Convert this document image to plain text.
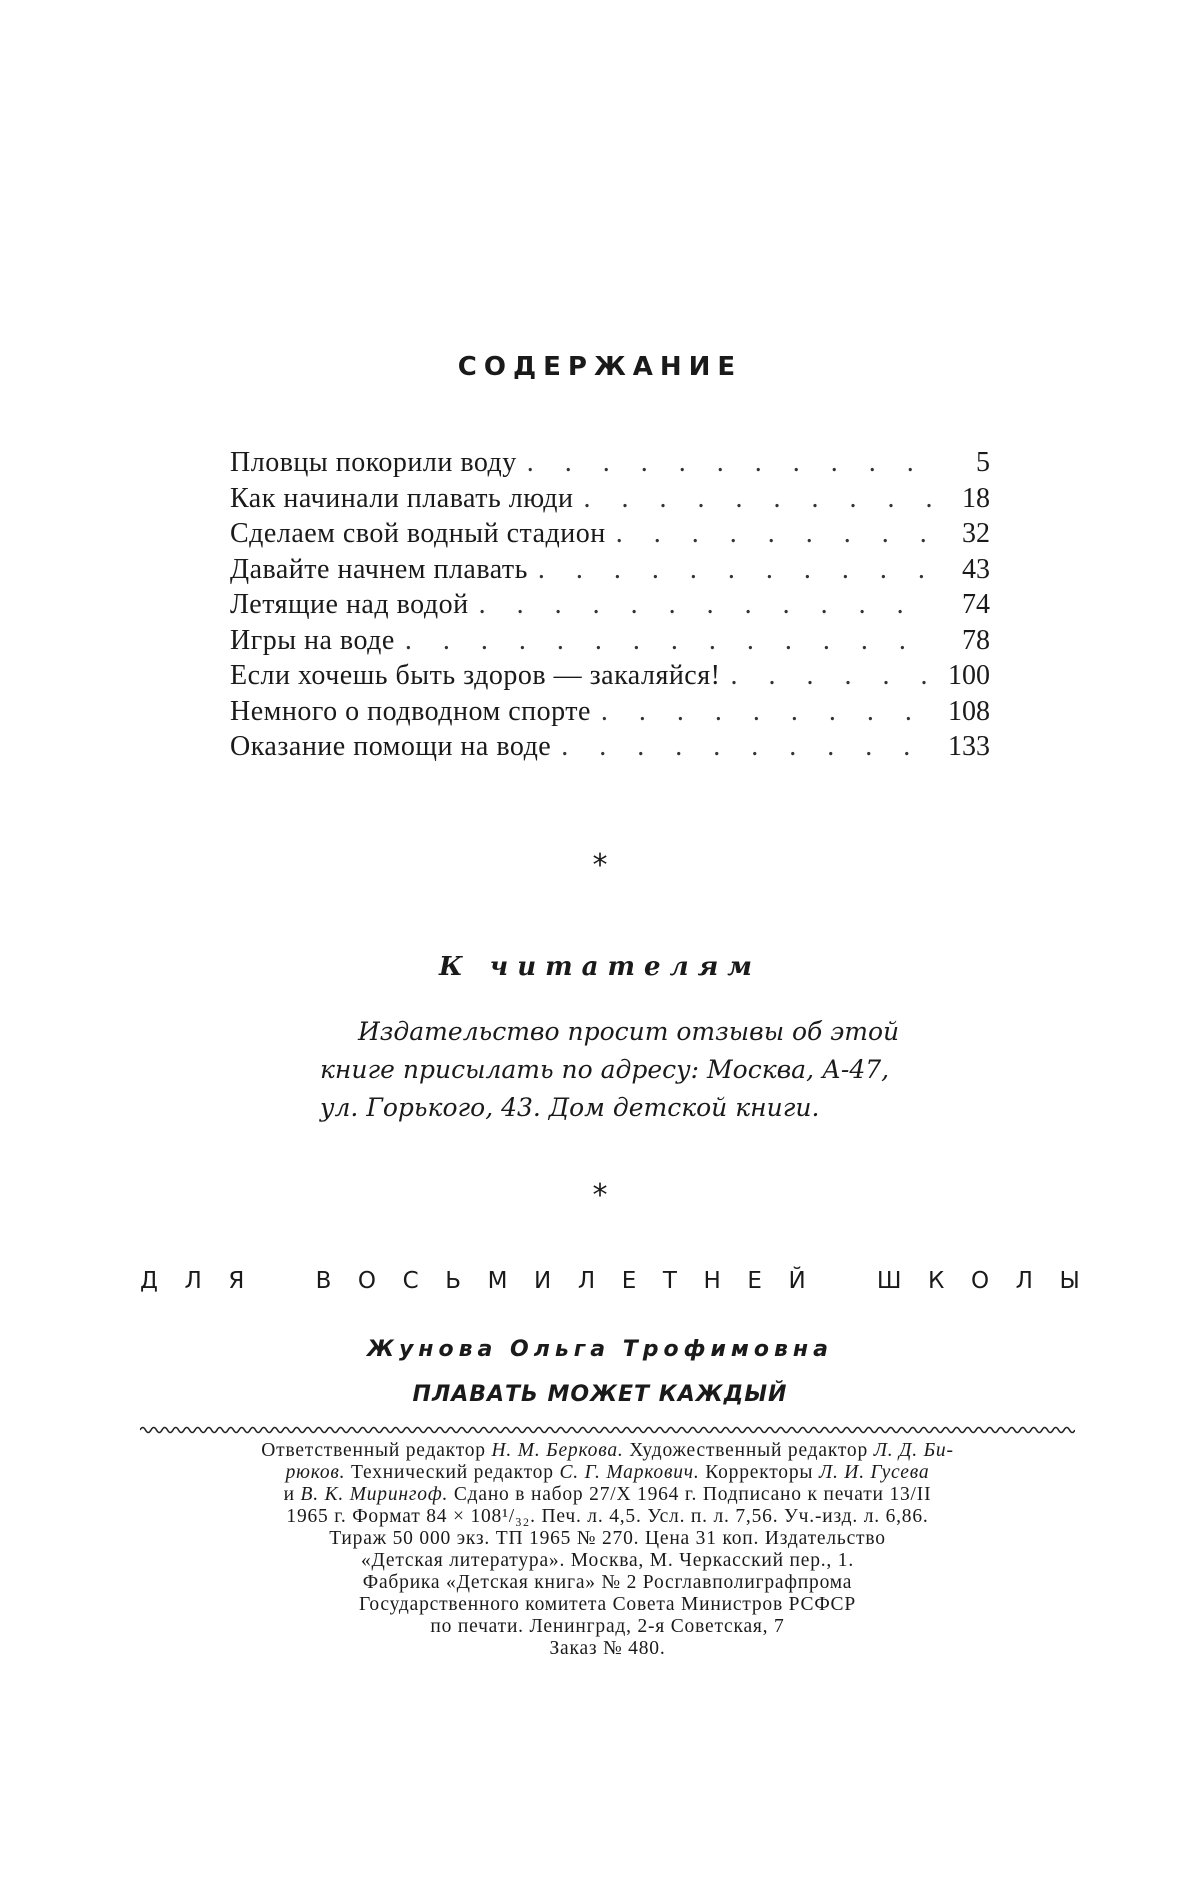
СОДЕРЖАНИЕ
Пловцы покорили воду . . .	5
Как начинали плавать люди . . .	18
Сделаем свой водный стадион . . .	32
Давайте начнем плавать . . .	43
Летящие над водой . . .	74
Игры на воде . . .	78
Если хочешь быть здоров — закаляйся! . . .	100
Немного о подводном спорте . . .	108
Оказание помощи на воде . . .	133
*
К читателям
Издательство просит отзывы об этой
книге присылать по адресу: Москва, А-47,
ул. Горького, 43. Дом детской книги.
*
Д Л Я	В О С Ь М И Л Е Т Н Е Й	Ш К О Л Ы
Жунова Ольга Трофимовна
ПЛАВАТЬ МОЖЕТ КАЖДЫЙ
Ответственный редактор Н. М. Беркова. Художественный редактор Л. Д. Би-
рюков. Технический редактор С. Г. Маркович. Корректоры Л. И. Гусева
и В. К. Мирингоф. Сдано в набор 27/X 1964 г. Подписано к печати 13/II
1965 г. Формат 84 × 108¹/₃₂. Печ. л. 4,5. Усл. п. л. 7,56. Уч.-изд. л. 6,86.
Тираж 50 000 экз. ТП 1965 № 270. Цена 31 коп. Издательство
«Детская литература». Москва, М. Черкасский пер., 1.
Фабрика «Детская книга» № 2 Росглавполиграфпрома
Государственного комитета Совета Министров РСФСР
по печати. Ленинград, 2-я Советская, 7
Заказ № 480.
